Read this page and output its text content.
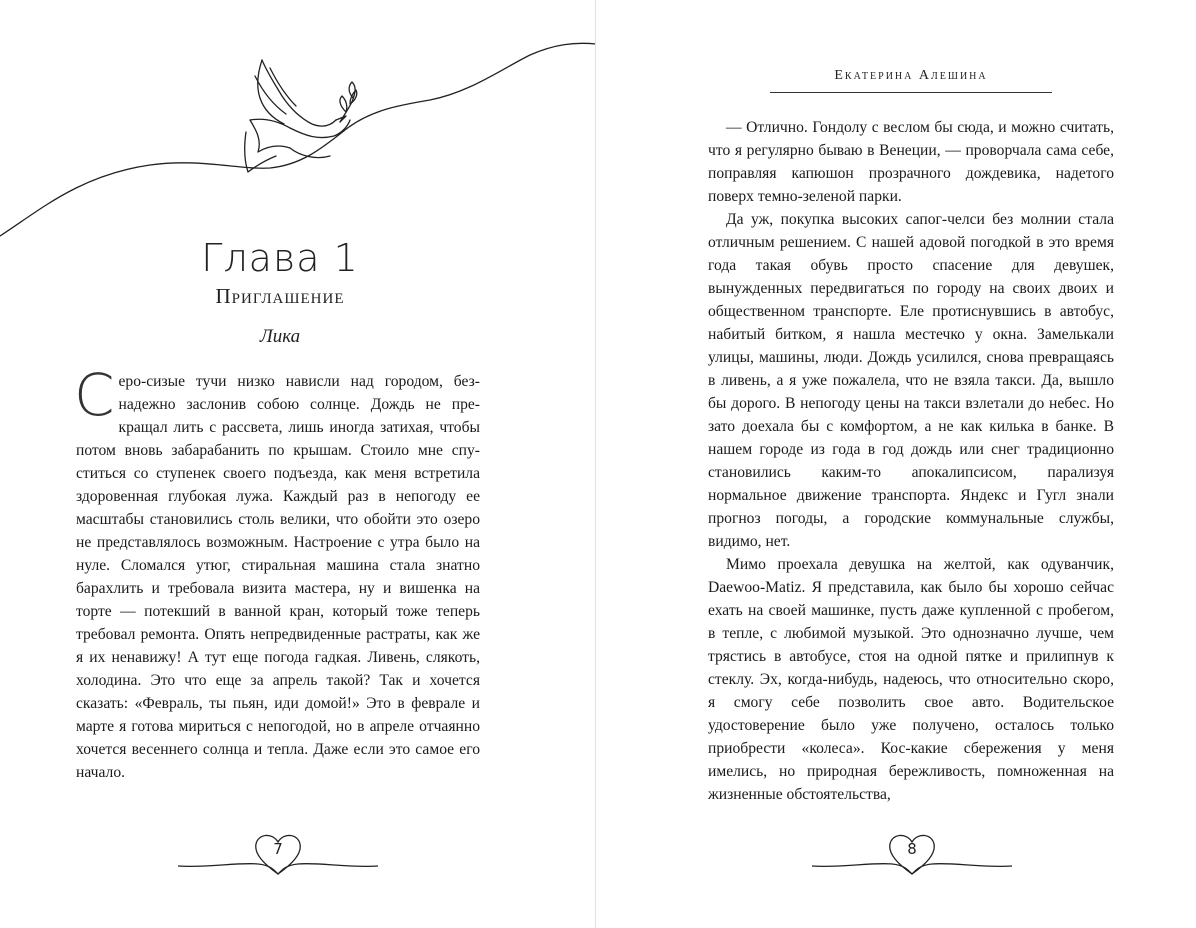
Глава 1
Приглашение
Лика

Серо-сизые тучи низко нависли над городом, безнадежно заслонив собою солнце. Дождь не прекращал лить с рассвета, лишь иногда затихая, чтобы потом вновь забарабанить по крышам. Стоило мне спуститься со ступенек своего подъезда, как меня встретила здоровенная глубокая лужа. Каждый раз в непогоду ее масштабы становились столь велики, что обойти это озеро не представлялось возможным. Настроение с утра было на нуле. Сломался утюг, стиральная машина стала знатно барахлить и требовала визита мастера, ну и вишенка на торте — потекший в ванной кран, который тоже теперь требовал ремонта. Опять непредвиденные растраты, как же я их ненавижу! А тут еще погода гадкая. Ливень, слякоть, холодина. Это что еще за апрель такой? Так и хочется сказать: «Февраль, ты пьян, иди домой!» Это в феврале и марте я готова мириться с непогодой, но в апреле отчаянно хочется весеннего солнца и тепла. Даже если это самое его начало.

7
Екатерина Алешина

— Отлично. Гондолу с веслом бы сюда, и можно считать, что я регулярно бываю в Венеции, — проворчала сама себе, поправляя капюшон прозрачного дождевика, надетого поверх темно-зеленой парки.

Да уж, покупка высоких сапог-челси без молнии стала отличным решением. С нашей адовой погодкой в это время года такая обувь просто спасение для девушек, вынужденных передвигаться по городу на своих двоих и общественном транспорте. Еле протиснувшись в автобус, набитый битком, я нашла местечко у окна. Замелькали улицы, машины, люди. Дождь усилился, снова превращаясь в ливень, а я уже пожалела, что не взяла такси. Да, вышло бы дорого. В непогоду цены на такси взлетали до небес. Но зато доехала бы с комфортом, а не как килька в банке. В нашем городе из года в год дождь или снег традиционно становились каким-то апокалипсисом, парализуя нормальное движение транспорта. Яндекс и Гугл знали прогноз погоды, а городские коммунальные службы, видимо, нет.

Мимо проехала девушка на желтой, как одуванчик, Daewoo-Matiz. Я представила, как было бы хорошо сейчас ехать на своей машинке, пусть даже купленной с пробегом, в тепле, с любимой музыкой. Это однозначно лучше, чем трястись в автобусе, стоя на одной пятке и прилипнув к стеклу. Эх, когда-нибудь, надеюсь, что относительно скоро, я смогу себе позволить свое авто. Водительское удостоверение было уже получено, осталось только приобрести «колеса». Кос-какие сбережения у меня имелись, но природная бережливость, помноженная на жизненные обстоятельства,

8
